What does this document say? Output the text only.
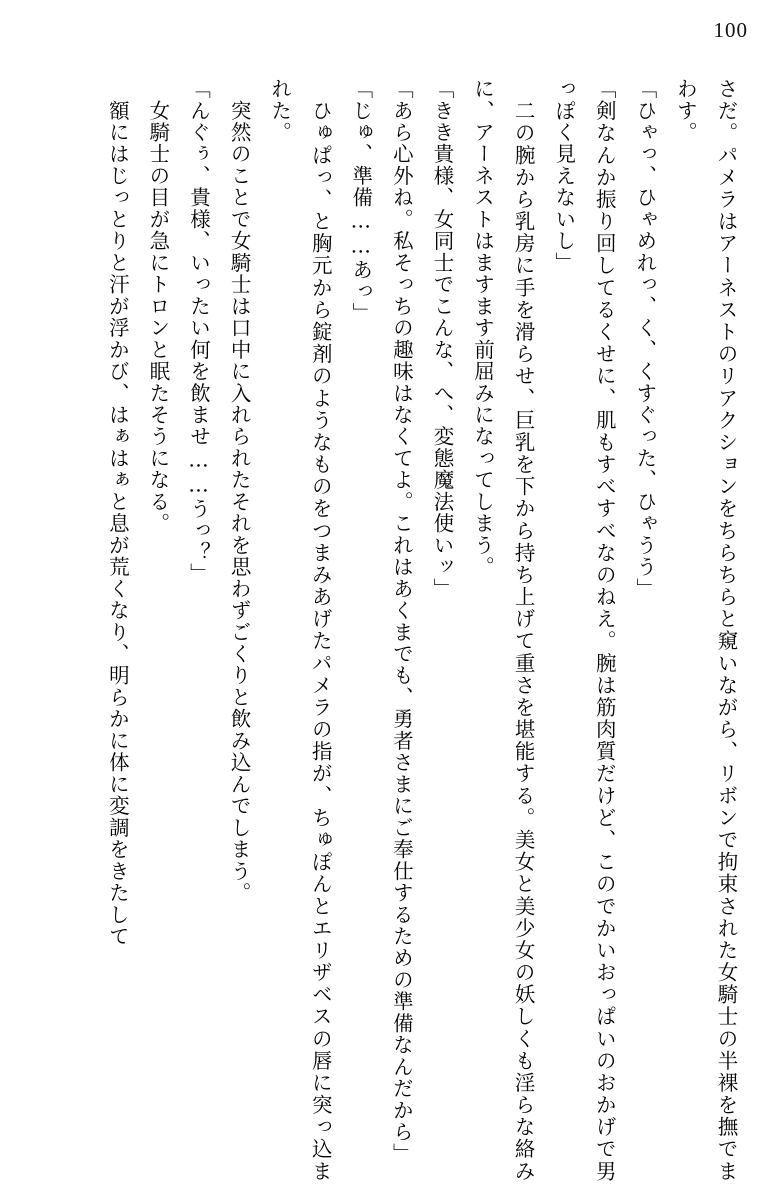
100

さだ。パメラはアーネストのリアクションをちらちらと窺いながら、リボンで拘束された女騎士の半裸を撫でまわす。

「ひゃっ、ひゃめれっ、く、くすぐった、ひゃうう」

「剣なんか振り回してるくせに、肌もすべすべなのねえ。腕は筋肉質だけど、このでかいおっぱいのおかげで男っぽく見えないし」

　二の腕から乳房に手を滑らせ、巨乳を下から持ち上げて重さを堪能する。美女と美少女の妖しくも淫らな絡みに、アーネストはますます前屈みになってしまう。

「きき貴様、女同士でこんな、へ、変態魔法使いッ」

「あら心外ね。私そっちの趣味はなくてよ。これはあくまでも、勇者さまにご奉仕するための準備なんだから」

「じゅ、準備……あっ」

　ひゅぱっ、と胸元から錠剤のようなものをつまみあげたパメラの指が、ちゅぽんとエリザベスの唇に突っ込まれた。

　突然のことで女騎士は口中に入れられたそれを思わずごくりと飲み込んでしまう。

「んぐぅ、貴様、いったい何を飲ませ……うっ？」

　女騎士の目が急にトロンと眠たそうになる。

　額にはじっとりと汗が浮かび、はぁはぁと息が荒くなり、明らかに体に変調をきたして
